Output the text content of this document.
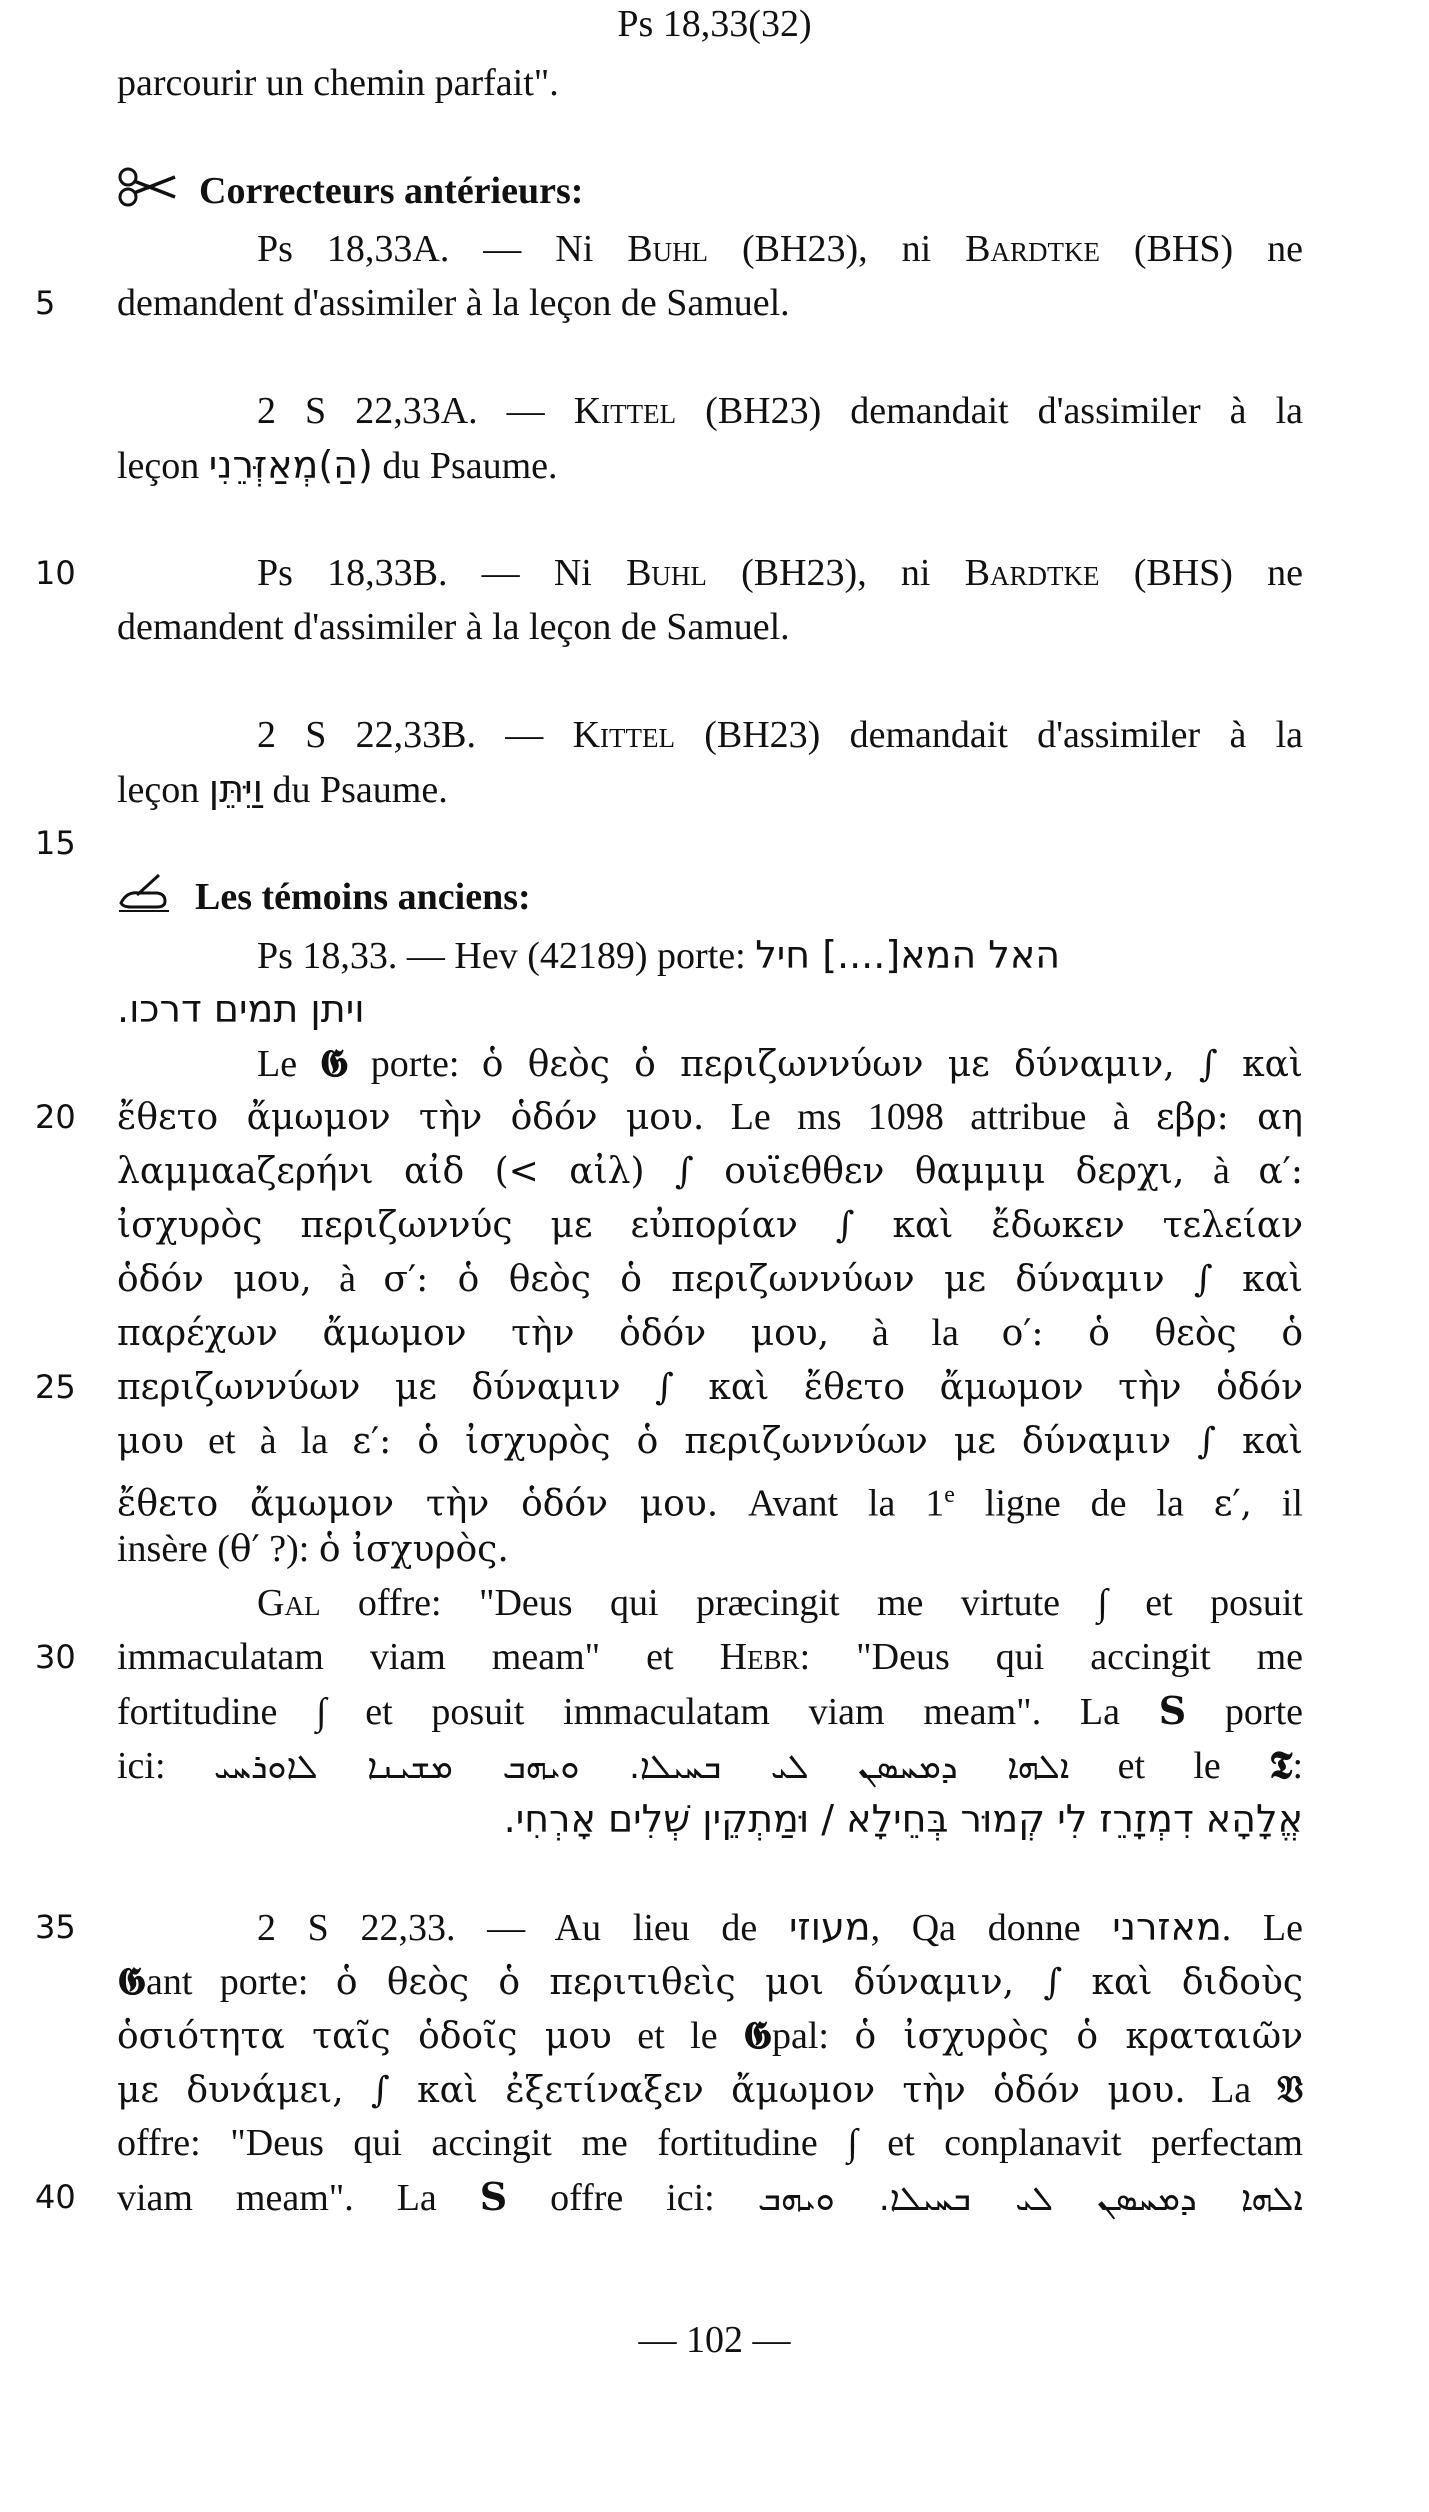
Ps 18,33(32)
parcourir un chemin parfait".
Correcteurs antérieurs:
Ps 18,33A. — Ni Buhl (BH23), ni Bardtke (BHS) ne
5	demandent d'assimiler à la leçon de Samuel.
2 S 22,33A. — Kittel (BH23) demandait d'assimiler à la
leçon (הַ)מְאַזְּרֵנִי du Psaume.
10	Ps 18,33B. — Ni Buhl (BH23), ni Bardtke (BHS) ne
demandent d'assimiler à la leçon de Samuel.
2 S 22,33B. — Kittel (BH23) demandait d'assimiler à la
leçon וַיִּתֵּן du Psaume.
15
Les témoins anciens:
Ps 18,33. — Hev (42189) porte: האל המא[....] חיל
ויתן תמים דרכו.
Le 𝕲 porte: ὁ θεὸς ὁ περιζωννύων με δύναμιν, ∫ καὶ
20	ἔθετο ἄμωμον τὴν ὁδόν μου. Le ms 1098 attribue à εβρ: αη
λαμμαaζερήνι αἰδ (< αἰλ) ∫ ουϊεθθεν θαμμιμ δερχι, à α′:
ἰσχυρὸς περιζωννύς με εὐπορίαν ∫ καὶ ἔδωκεν τελείαν
ὁδόν μου, à σ′: ὁ θεὸς ὁ περιζωννύων με δύναμιν ∫ καὶ
παρέχων ἄμωμον τὴν ὁδόν μου, à la ο′: ὁ θεὸς ὁ
25	περιζωννύων με δύναμιν ∫ καὶ ἔθετο ἄμωμον τὴν ὁδόν
μου et à la ε′: ὁ ἰσχυρὸς ὁ περιζωννύων με δύναμιν ∫ καὶ
ἔθετο ἄμωμον τὴν ὁδόν μου. Avant la 1e ligne de la ε′, il
insère (θ′ ?): ὁ ἰσχυρὸς.
Gal offre: "Deus qui præcingit me virtute ∫ et posuit
30	immaculatam viam meam" et Hebr: "Deus qui accingit me
fortitudine ∫ et posuit immaculatam viam meam". La S porte
ici: ܐܠܗܐ ܕܡܚܣܢ ܠܝ ܒܚܝܠܐ. ܘܝܗܒ ܡܫܝܢܐ ܠܐܘܪܚܝ et le 𝕿:
אֱלָהָא דִמְזָרֵז לִי קְמוּר בְּחֵילָא / וּמַתְקֵין שְׁלִים אָרְחִי.
35	2 S 22,33. — Au lieu de מעוזי, Qa donne מאזרני. Le
𝕲ant porte: ὁ θεὸς ὁ περιτιθεὶς μοι δύναμιν, ∫ καὶ διδοὺς
ὁσιότητα ταῖς ὁδοῖς μου et le 𝕲pal: ὁ ἰσχυρὸς ὁ κραταιῶν
με δυνάμει, ∫ καὶ ἐξετίναξεν ἄμωμον τὴν ὁδόν μου. La 𝔙
offre: "Deus qui accingit me fortitudine ∫ et conplanavit perfectam
40	viam meam". La S offre ici: ܐܠܗܐ ܕܡܚܣܢ ܠܝ ܒܚܝܠܐ. ܘܝܗܒ
— 102 —
